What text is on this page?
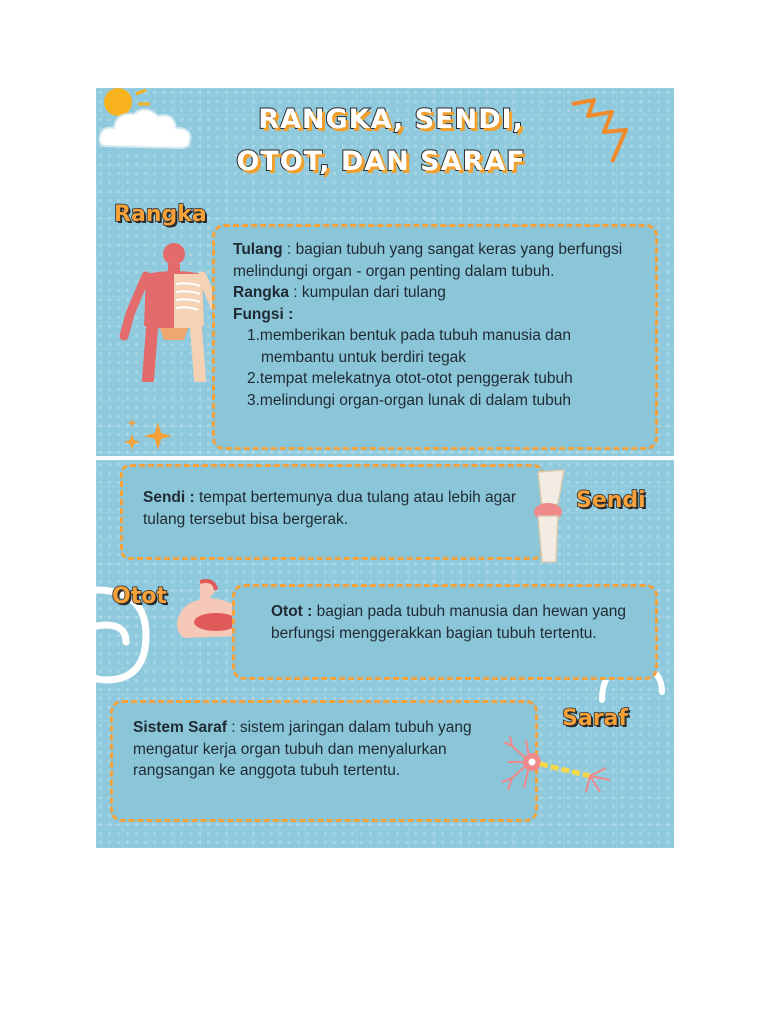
RANGKA, SENDI,
OTOT, DAN SARAF
Rangka

Tulang : bagian tubuh yang sangat keras yang berfungsi melindungi organ - organ penting dalam tubuh.

Rangka : kumpulan dari tulang

Fungsi :

1.memberikan bentuk pada tubuh manusia dan

membantu untuk berdiri tegak

2.tempat melekatnya otot-otot penggerak tubuh

3.melindungi organ-organ lunak di dalam tubuh

Sendi : tempat bertemunya dua tulang atau lebih agar tulang tersebut bisa bergerak.

Sendi
Otot

Otot : bagian pada tubuh manusia dan hewan yang berfungsi menggerakkan bagian tubuh tertentu.

Sistem Saraf : sistem jaringan dalam tubuh yang mengatur kerja organ tubuh dan menyalurkan rangsangan ke anggota tubuh tertentu.

Saraf
